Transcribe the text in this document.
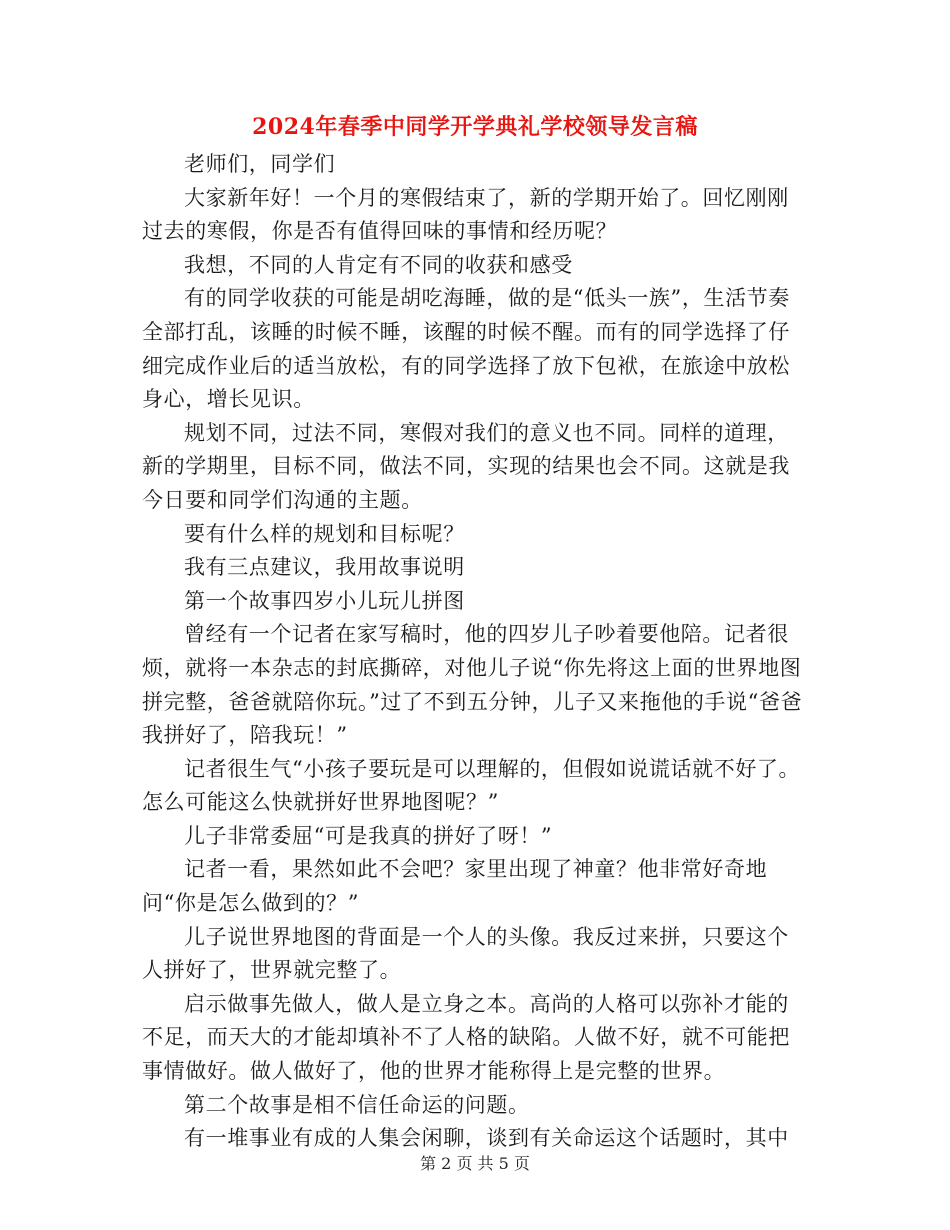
2024年春季中同学开学典礼学校领导发言稿

老师们，同学们

大家新年好！一个月的寒假结束了，新的学期开始了。回忆刚刚过去的寒假，你是否有值得回味的事情和经历呢？

我想，不同的人肯定有不同的收获和感受

有的同学收获的可能是胡吃海睡，做的是“低头一族”，生活节奏全部打乱，该睡的时候不睡，该醒的时候不醒。而有的同学选择了仔细完成作业后的适当放松，有的同学选择了放下包袱，在旅途中放松身心，增长见识。

规划不同，过法不同，寒假对我们的意义也不同。同样的道理，新的学期里，目标不同，做法不同，实现的结果也会不同。这就是我今日要和同学们沟通的主题。

要有什么样的规划和目标呢？

我有三点建议，我用故事说明

第一个故事四岁小儿玩儿拼图

曾经有一个记者在家写稿时，他的四岁儿子吵着要他陪。记者很烦，就将一本杂志的封底撕碎，对他儿子说“你先将这上面的世界地图拼完整，爸爸就陪你玩。”过了不到五分钟，儿子又来拖他的手说“爸爸我拼好了，陪我玩！”

记者很生气“小孩子要玩是可以理解的，但假如说谎话就不好了。怎么可能这么快就拼好世界地图呢？”

儿子非常委屈“可是我真的拼好了呀！”

记者一看，果然如此不会吧？家里出现了神童？他非常好奇地问“你是怎么做到的？”

儿子说世界地图的背面是一个人的头像。我反过来拼，只要这个人拼好了，世界就完整了。

启示做事先做人，做人是立身之本。高尚的人格可以弥补才能的不足，而天大的才能却填补不了人格的缺陷。人做不好，就不可能把事情做好。做人做好了，他的世界才能称得上是完整的世界。

第二个故事是相不信任命运的问题。

有一堆事业有成的人集会闲聊，谈到有关命运这个话题时，其中

第 2 页 共 5 页
